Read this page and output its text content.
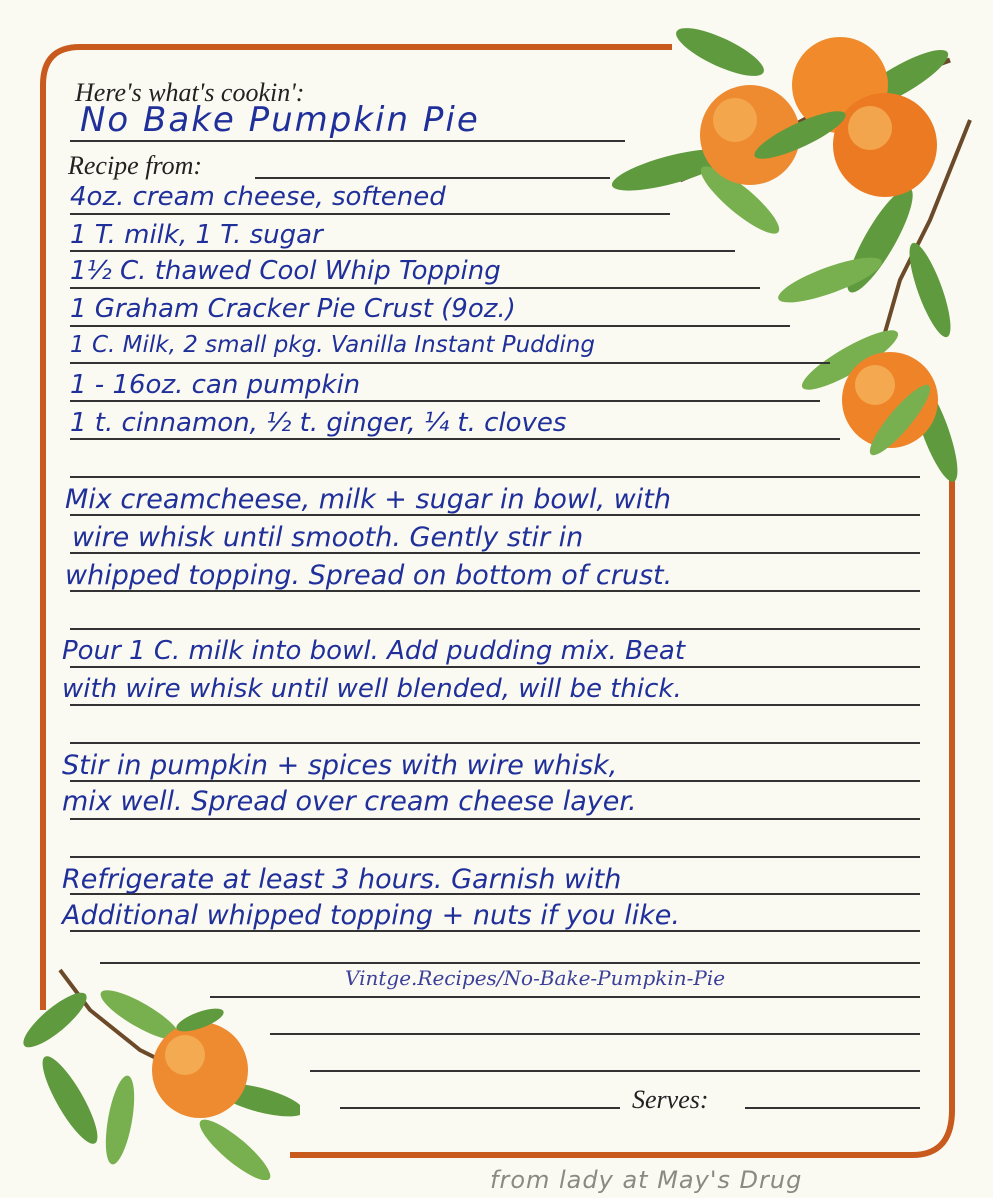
Here's what's cookin':
Recipe from:
Serves:
No Bake Pumpkin Pie
4oz. cream cheese, softened
1 T. milk, 1 T. sugar
1½ C. thawed Cool Whip Topping
1 Graham Cracker Pie Crust (9oz.)
1 C. Milk, 2 small pkg. Vanilla Instant Pudding
1 - 16oz. can pumpkin
1 t. cinnamon, ½ t. ginger, ¼ t. cloves
Mix creamcheese, milk + sugar in bowl, with
wire whisk until smooth. Gently stir in
whipped topping. Spread on bottom of crust.
Pour 1 C. milk into bowl. Add pudding mix. Beat
with wire whisk until well blended, will be thick.
Stir in pumpkin + spices with wire whisk,
mix well. Spread over cream cheese layer.
Refrigerate at least 3 hours. Garnish with
Additional whipped topping + nuts if you like.
Vintge.Recipes/No-Bake-Pumpkin-Pie
from lady at May's Drug
